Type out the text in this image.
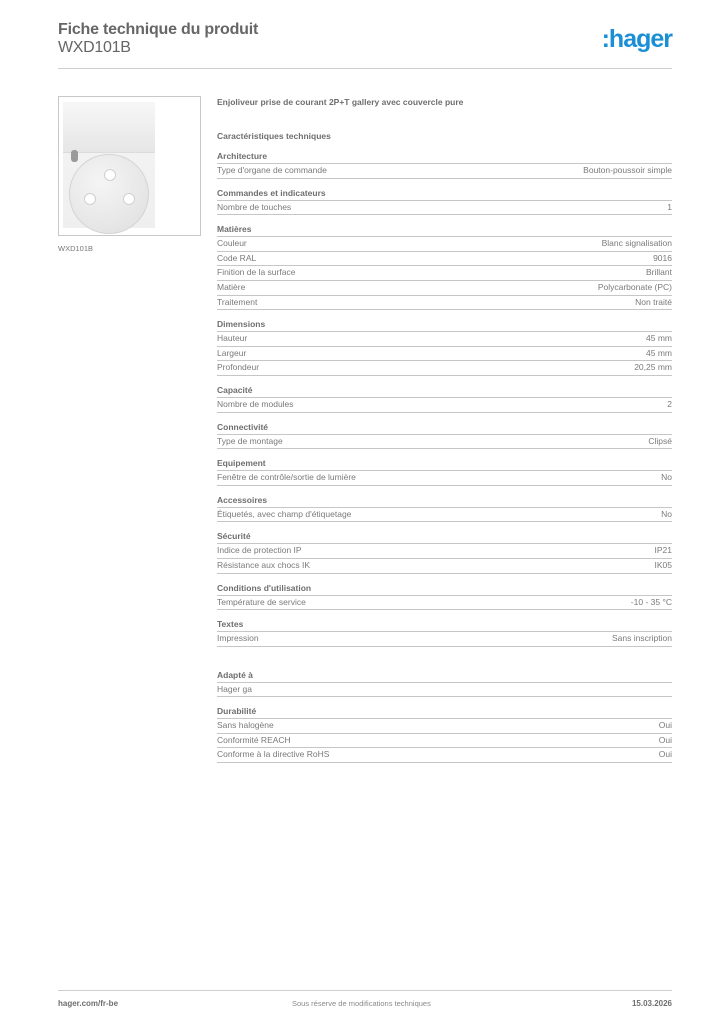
Fiche technique du produit
WXD101B	:hager
WXD101B
Enjoliveur prise de courant 2P+T gallery avec couvercle pure
Caractéristiques techniques
Architecture
Type d'organe de commande	Bouton-poussoir simple
Commandes et indicateurs
Nombre de touches	1
Matières
Couleur	Blanc signalisation
Code RAL	9016
Finition de la surface	Brillant
Matière	Polycarbonate (PC)
Traitement	Non traité
Dimensions
Hauteur	45 mm
Largeur	45 mm
Profondeur	20,25 mm
Capacité
Nombre de modules	2
Connectivité
Type de montage	Clipsé
Equipement
Fenêtre de contrôle/sortie de lumière	No
Accessoires
Étiquetés, avec champ d'étiquetage	No
Sécurité
Indice de protection IP	IP21
Résistance aux chocs IK	IK05
Conditions d'utilisation
Température de service	-10 - 35 °C
Textes
Impression	Sans inscription
Adapté à
Hager ga
Durabilité
Sans halogène	Oui
Conformité REACH	Oui
Conforme à la directive RoHS	Oui
hager.com/fr-be	Sous réserve de modifications techniques	15.03.2026
